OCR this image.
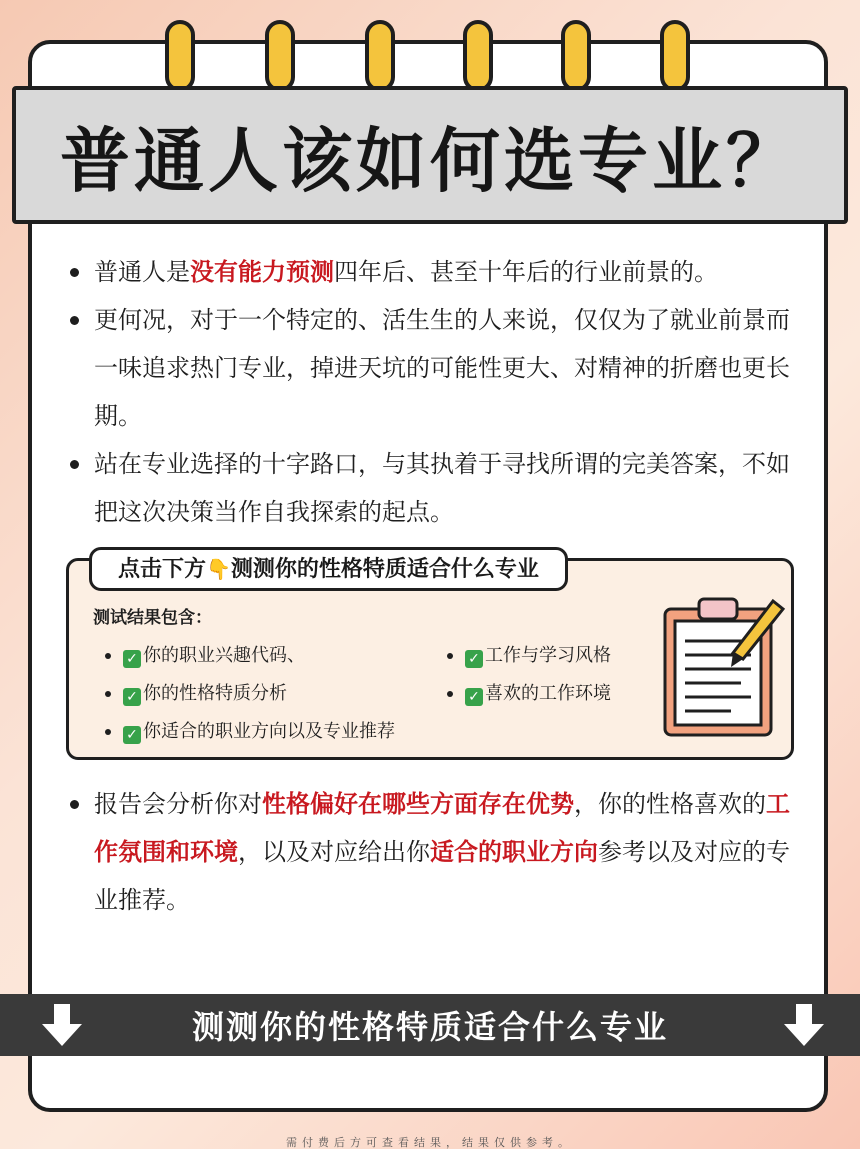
普通人该如何选专业？
普通人是没有能力预测四年后、甚至十年后的行业前景的。
更何况，对于一个特定的、活生生的人来说，仅仅为了就业前景而一味追求热门专业，掉进天坑的可能性更大、对精神的折磨也更长期。
站在专业选择的十字路口，与其执着于寻找所谓的完美答案，不如把这次决策当作自我探索的起点。
点击下方👇测测你的性格特质适合什么专业
测试结果包含：
✓ 你的职业兴趣代码、	✓ 工作与学习风格
✓ 你的性格特质分析	✓ 喜欢的工作环境
✓ 你适合的职业方向以及专业推荐
报告会分析你对性格偏好在哪些方面存在优势，你的性格喜欢的工作氛围和环境，以及对应给出你适合的职业方向参考以及对应的专业推荐。
测测你的性格特质适合什么专业
需付费后方可查看结果，结果仅供参考。
